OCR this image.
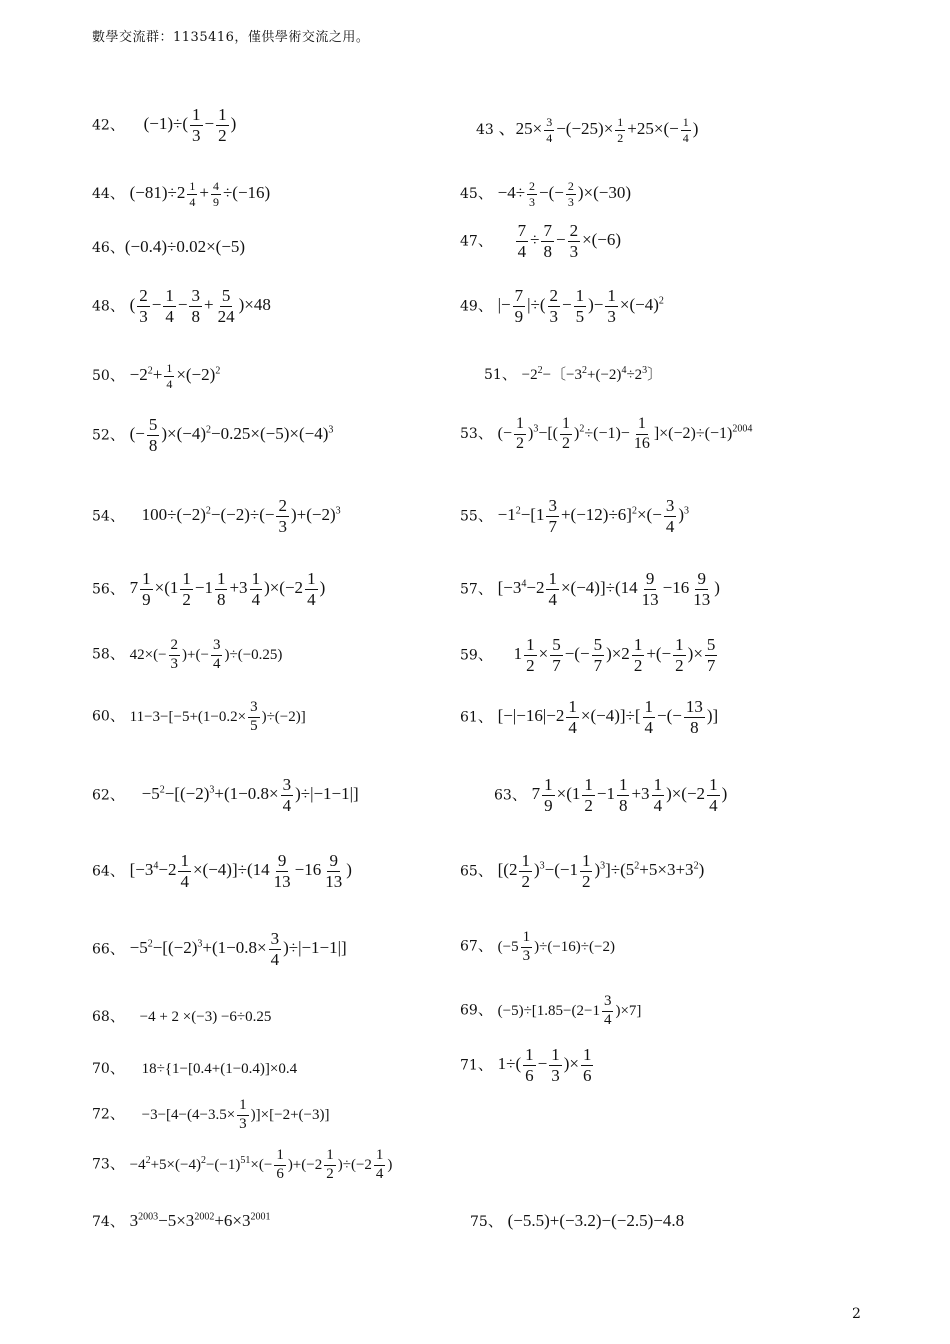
數學交流群：1135416，僅供學術交流之用。
42、 $(-1)\div( \frac{1}{3} - \frac{1}{2}$ )	43 、$25\times \frac{3}{4} -(-25)\times \frac{1}{2} +25\times(- \frac{1}{4}$ )
44、 $(-81)\div 2 \frac{1}{4} + \frac{4}{9} \div(-16)$	45、 $-4\div \frac{2}{3}$ −(− $\frac{2}{3} )\times(-30)$
46、(−0.4)÷0.02×(−5)	47、 $\frac{7}{4} \div \frac{7}{8} - \frac{2}{3} \times(-6)$
48、 ( $\frac{2}{3} - \frac{1}{4} - \frac{3}{8} + \frac{5}{24} )\times 48$	49、 |− $\frac{7}{9}$ |÷( $\frac{2}{3} - \frac{1}{5}$ )− $\frac{1}{3} \times(-4)^2$
50、 $-2^2+ \frac{1}{4} \times(-2)^2$	51、 $-2^2-$〔$-3^2+(-2)^4\div 2^3$〕
52、 (− $\frac{5}{8} )\times(-4)^2-0.25\times(-5)\times(-4)^3$	53、 (− $\frac{1}{2} )^3-[( \frac{1}{2} )^2\div(-1)- \frac{1}{16} ]\times(-2)\div(-1)^{2004}$
54、 $100\div(-2)^2-(-2)\div(- \frac{2}{3} )+(-2)^3$	55、 $-1^2-[1 \frac{3}{7} +(-12)\div 6]^2\times(- \frac{3}{4} )^3$
56、 $7 \frac{1}{9} \times(1 \frac{1}{2} -1 \frac{1}{8} +3 \frac{1}{4} )\times(-2 \frac{1}{4}$ )	57、 $[-3^4-2 \frac{1}{4} \times(-4)]\div(14 \frac{9}{13} -16 \frac{9}{13}$ )
58、 $42\times(- \frac{2}{3}$ )+(− $\frac{3}{4} )\div(-0.25)$	59、 $1 \frac{1}{2} \times \frac{5}{7}$ −(− $\frac{5}{7} )\times 2 \frac{1}{2}$ +(− $\frac{1}{2}$ )× $\frac{5}{7}$
60、 $11-3-[-5+(1-0.2\times \frac{3}{5} )\div(-2)]$	61、 $[-|-16|-2 \frac{1}{4} \times(-4)]\div[ \frac{1}{4}$ −(− $\frac{13}{8}$ )]
62、 $-5^2-[(-2)^3+(1-0.8\times \frac{3}{4} )\div|-1-1|]$	63、 $7 \frac{1}{9} \times(1 \frac{1}{2} -1 \frac{1}{8} +3 \frac{1}{4} )\times(-2 \frac{1}{4}$ )
64、 $[-3^4-2 \frac{1}{4} \times(-4)]\div(14 \frac{9}{13} -16 \frac{9}{13}$ )	65、 $[(2 \frac{1}{2} )^3-(-1 \frac{1}{2} )^3]\div(5^2+5\times 3+3^2)$
66、 $-5^2-[(-2)^3+(1-0.8\times \frac{3}{4} )\div|-1-1|]$	67、 $(-5 \frac{1}{3} )\div(-16)\div(-2)$
68、 −4 + 2 ×(−3) −6÷0.25	69、 $(-5)\div[1.85-(2-1 \frac{3}{4} )\times 7]$
70、 18÷{1−[0.4+(1−0.4)]×0.4	71、 $1\div( \frac{1}{6} - \frac{1}{3}$ )× $\frac{1}{6}$
72、 $-3-[4-(4-3.5\times \frac{1}{3} )]\times[-2+(-3)]$
73、 $-4^2+5\times(-4)^2-(-1)^{51}\times(- \frac{1}{6} )+(-2 \frac{1}{2} )\div(-2 \frac{1}{4}$ )
74、 $3^{2003}-5\times 3^{2002}+6\times 3^{2001}$	75、 (−5.5)+(−3.2)−(−2.5)−4.8
2
